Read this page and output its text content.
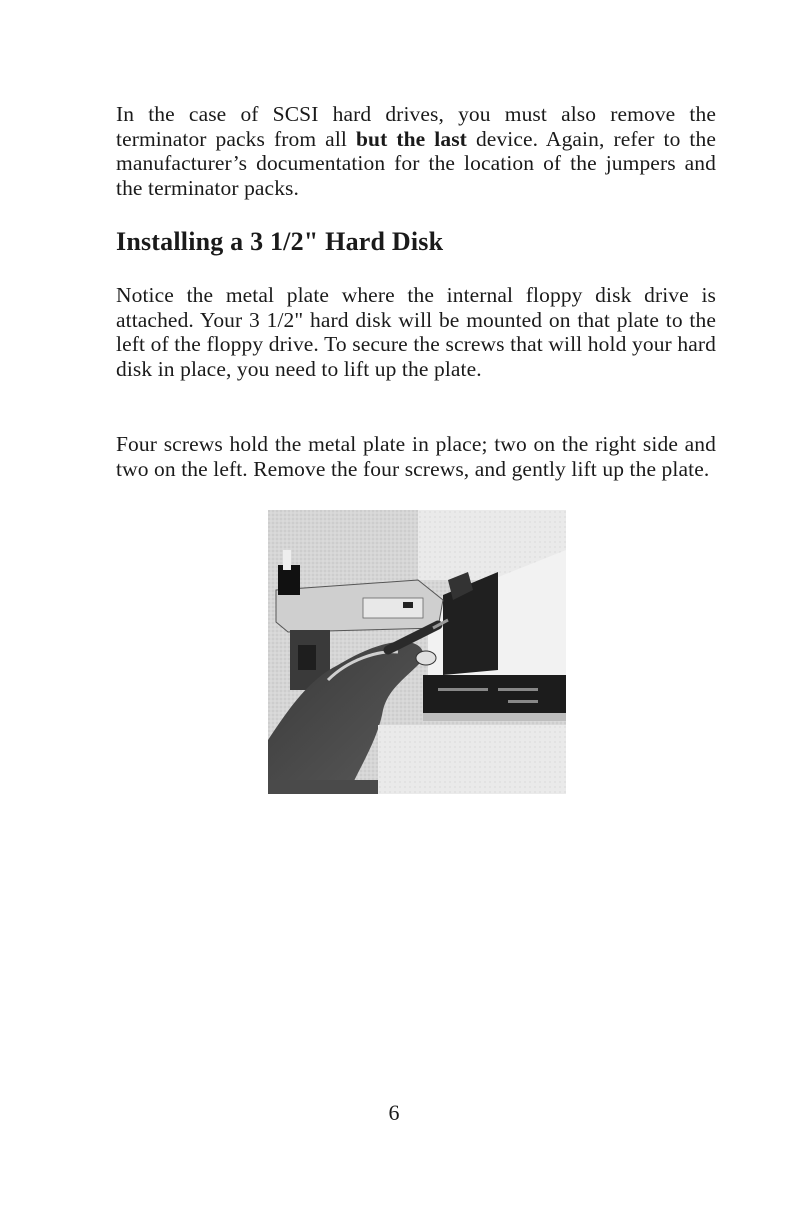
In the case of SCSI hard drives, you must also remove the terminator packs from all but the last device. Again, refer to the manufacturer’s documentation for the location of the jumpers and the terminator packs.

Installing a 3 1/2" Hard Disk

Notice the metal plate where the internal floppy disk drive is attached. Your 3 1/2" hard disk will be mounted on that plate to the left of the floppy drive. To secure the screws that will hold your hard disk in place, you need to lift up the plate.

Four screws hold the metal plate in place; two on the right side and two on the left. Remove the four screws, and gently lift up the plate.

6
